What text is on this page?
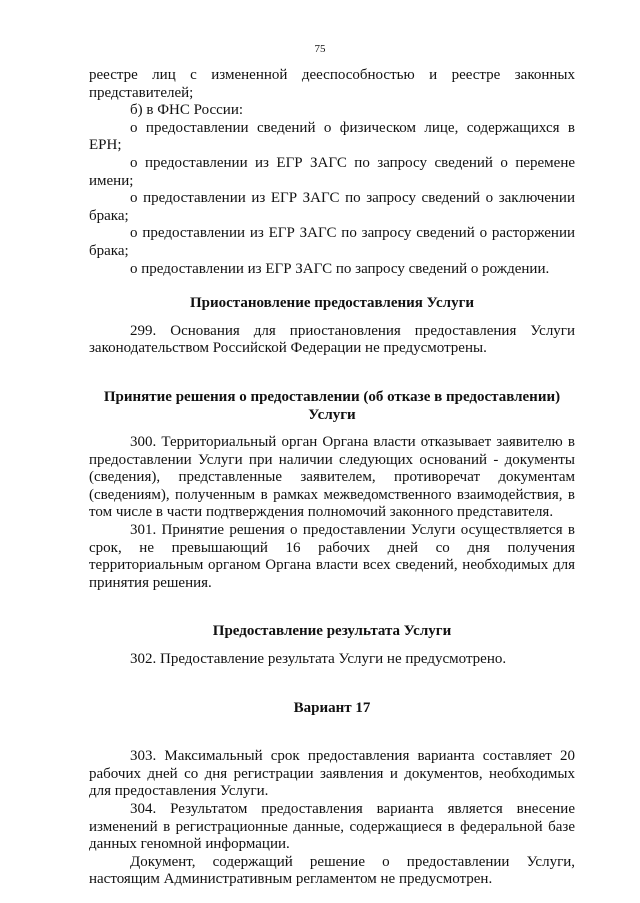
75

реестре лиц с измененной дееспособностью и реестре законных представителей;

б) в ФНС России:

о предоставлении сведений о физическом лице, содержащихся в ЕРН;

о предоставлении из ЕГР ЗАГС по запросу сведений о перемене имени;

о предоставлении из ЕГР ЗАГС по запросу сведений о заключении брака;

о предоставлении из ЕГР ЗАГС по запросу сведений о расторжении брака;

о предоставлении из ЕГР ЗАГС по запросу сведений о рождении.

Приостановление предоставления Услуги

299. Основания для приостановления предоставления Услуги законодательством Российской Федерации не предусмотрены.

Принятие решения о предоставлении (об отказе в предоставлении) Услуги

300. Территориальный орган Органа власти отказывает заявителю в предоставлении Услуги при наличии следующих оснований - документы (сведения), представленные заявителем, противоречат документам (сведениям), полученным в рамках межведомственного взаимодействия, в том числе в части подтверждения полномочий законного представителя.

301. Принятие решения о предоставлении Услуги осуществляется в срок, не превышающий 16 рабочих дней со дня получения территориальным органом Органа власти всех сведений, необходимых для принятия решения.

Предоставление результата Услуги

302. Предоставление результата Услуги не предусмотрено.

Вариант 17

303. Максимальный срок предоставления варианта составляет 20 рабочих дней со дня регистрации заявления и документов, необходимых для предоставления Услуги.

304. Результатом предоставления варианта является внесение изменений в регистрационные данные, содержащиеся в федеральной базе данных геномной информации.

Документ, содержащий решение о предоставлении Услуги, настоящим Административным регламентом не предусмотрен.
